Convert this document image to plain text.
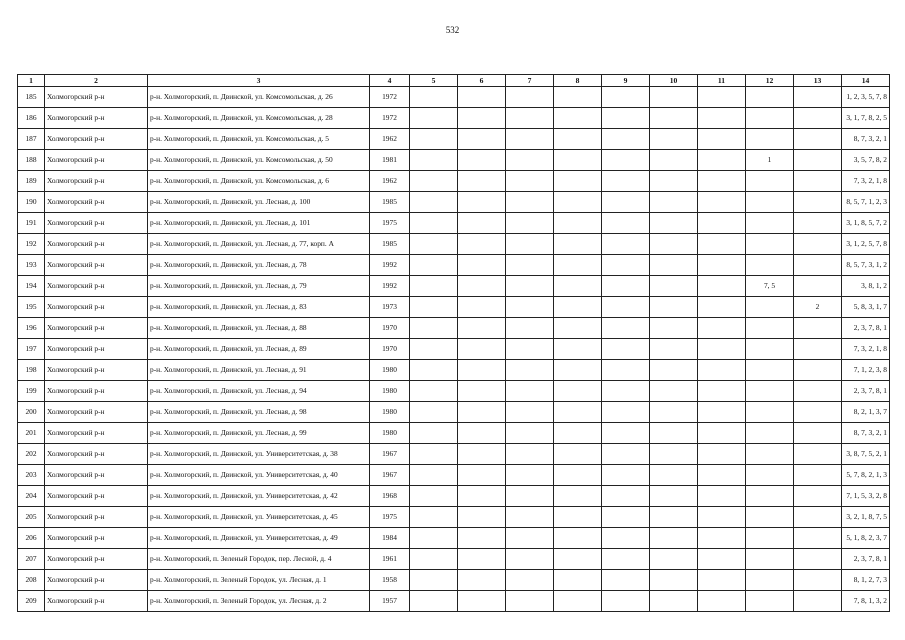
532
1	2	3	4	5	6	7	8	9	10	11	12	13	14
185	Холмогорский р-н	р-н. Холмогорский, п. Двинской, ул. Комсомольская, д. 26	1972										1, 2, 3, 5, 7, 8
186	Холмогорский р-н	р-н. Холмогорский, п. Двинской, ул. Комсомольская, д. 28	1972										3, 1, 7, 8, 2, 5
187	Холмогорский р-н	р-н. Холмогорский, п. Двинской, ул. Комсомольская, д. 5	1962										8, 7, 3, 2, 1
188	Холмогорский р-н	р-н. Холмогорский, п. Двинской, ул. Комсомольская, д. 50	1981								1		3, 5, 7, 8, 2
189	Холмогорский р-н	р-н. Холмогорский, п. Двинской, ул. Комсомольская, д. 6	1962										7, 3, 2, 1, 8
190	Холмогорский р-н	р-н. Холмогорский, п. Двинской, ул. Лесная, д. 100	1985										8, 5, 7, 1, 2, 3
191	Холмогорский р-н	р-н. Холмогорский, п. Двинской, ул. Лесная, д. 101	1975										3, 1, 8, 5, 7, 2
192	Холмогорский р-н	р-н. Холмогорский, п. Двинской, ул. Лесная, д. 77, корп. А	1985										3, 1, 2, 5, 7, 8
193	Холмогорский р-н	р-н. Холмогорский, п. Двинской, ул. Лесная, д. 78	1992										8, 5, 7, 3, 1, 2
194	Холмогорский р-н	р-н. Холмогорский, п. Двинской, ул. Лесная, д. 79	1992								7, 5		3, 8, 1, 2
195	Холмогорский р-н	р-н. Холмогорский, п. Двинской, ул. Лесная, д. 83	1973									2	5, 8, 3, 1, 7
196	Холмогорский р-н	р-н. Холмогорский, п. Двинской, ул. Лесная, д. 88	1970										2, 3, 7, 8, 1
197	Холмогорский р-н	р-н. Холмогорский, п. Двинской, ул. Лесная, д. 89	1970										7, 3, 2, 1, 8
198	Холмогорский р-н	р-н. Холмогорский, п. Двинской, ул. Лесная, д. 91	1980										7, 1, 2, 3, 8
199	Холмогорский р-н	р-н. Холмогорский, п. Двинской, ул. Лесная, д. 94	1980										2, 3, 7, 8, 1
200	Холмогорский р-н	р-н. Холмогорский, п. Двинской, ул. Лесная, д. 98	1980										8, 2, 1, 3, 7
201	Холмогорский р-н	р-н. Холмогорский, п. Двинской, ул. Лесная, д. 99	1980										8, 7, 3, 2, 1
202	Холмогорский р-н	р-н. Холмогорский, п. Двинской, ул. Университетская, д. 38	1967										3, 8, 7, 5, 2, 1
203	Холмогорский р-н	р-н. Холмогорский, п. Двинской, ул. Университетская, д. 40	1967										5, 7, 8, 2, 1, 3
204	Холмогорский р-н	р-н. Холмогорский, п. Двинской, ул. Университетская, д. 42	1968										7, 1, 5, 3, 2, 8
205	Холмогорский р-н	р-н. Холмогорский, п. Двинской, ул. Университетская, д. 45	1975										3, 2, 1, 8, 7, 5
206	Холмогорский р-н	р-н. Холмогорский, п. Двинской, ул. Университетская, д. 49	1984										5, 1, 8, 2, 3, 7
207	Холмогорский р-н	р-н. Холмогорский, п. Зеленый Городок, пер. Лесной, д. 4	1961										2, 3, 7, 8, 1
208	Холмогорский р-н	р-н. Холмогорский, п. Зеленый Городок, ул. Лесная, д. 1	1958										8, 1, 2, 7, 3
209	Холмогорский р-н	р-н. Холмогорский, п. Зеленый Городок, ул. Лесная, д. 2	1957										7, 8, 1, 3, 2
